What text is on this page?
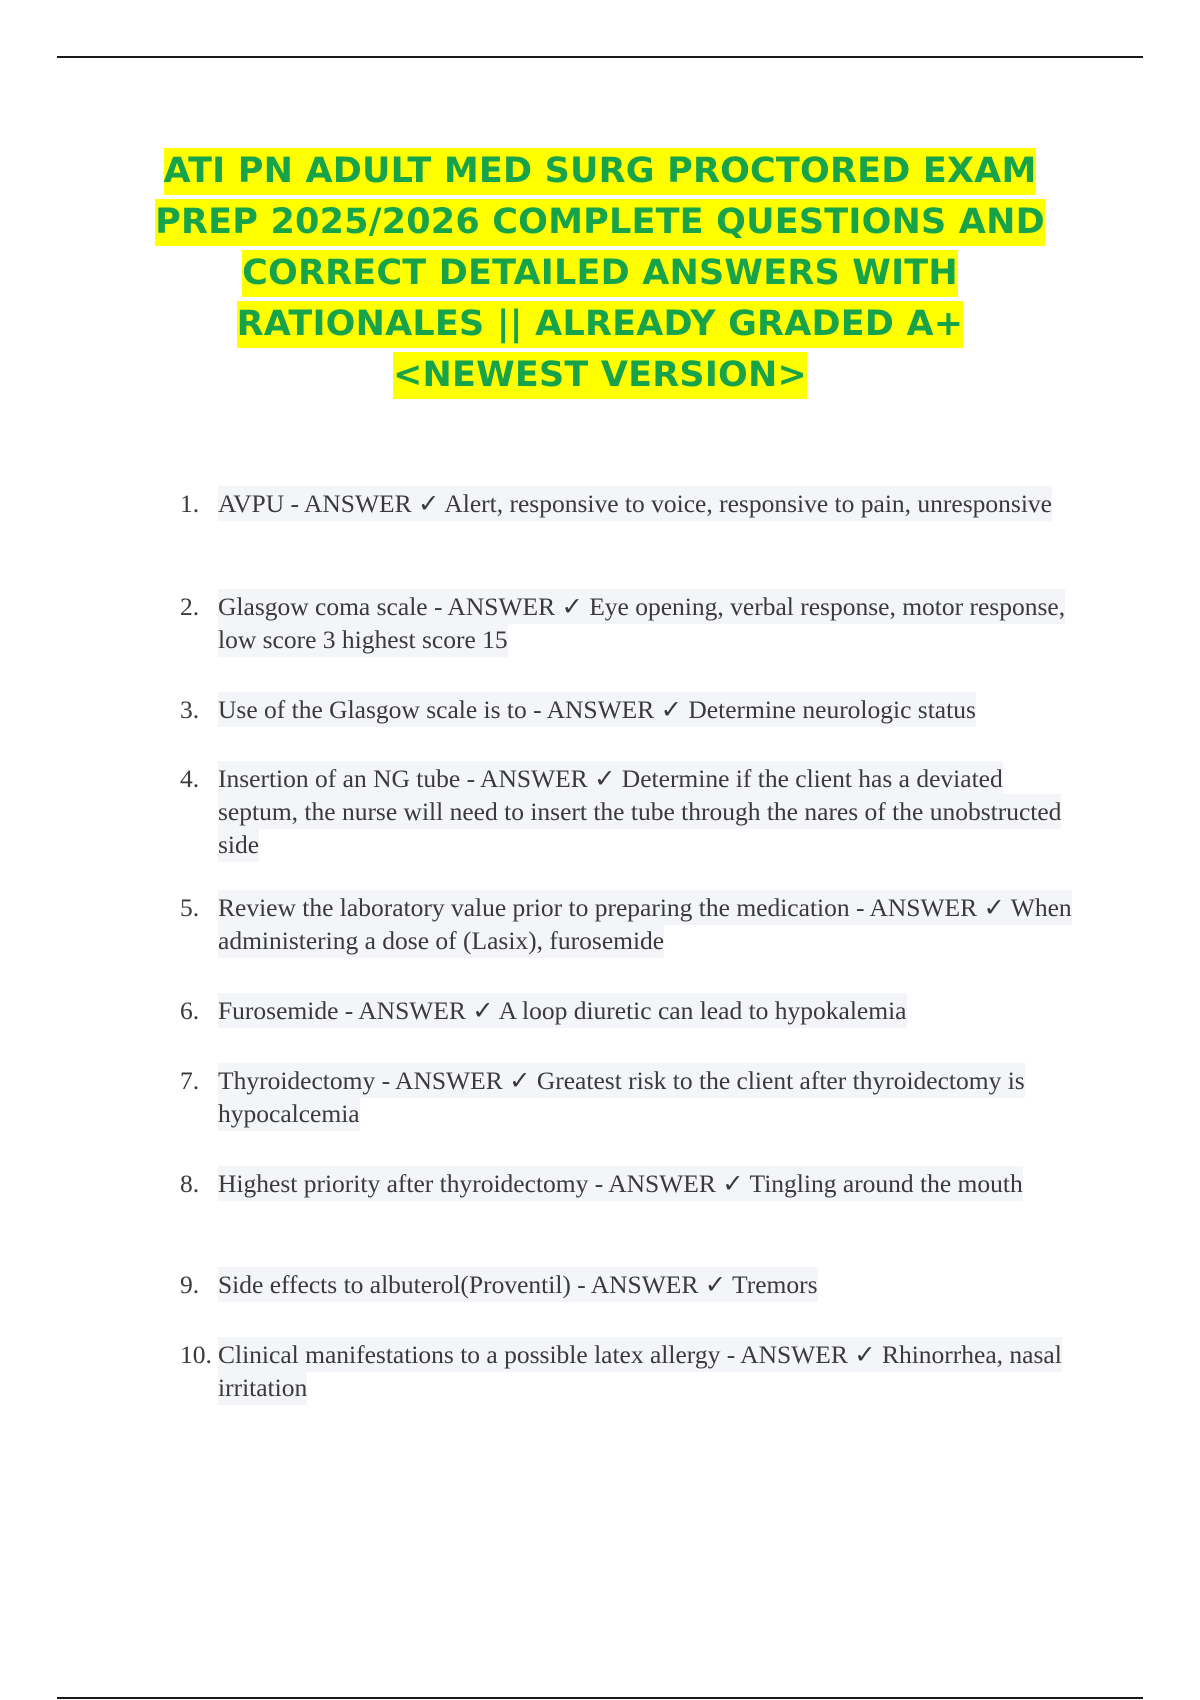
ATI PN ADULT MED SURG PROCTORED EXAM
PREP 2025/2026 COMPLETE QUESTIONS AND
CORRECT DETAILED ANSWERS WITH
RATIONALES || ALREADY GRADED A+
<NEWEST VERSION>
1. AVPU - ANSWER ✓ Alert, responsive to voice, responsive to pain, unresponsive
2. Glasgow coma scale - ANSWER ✓ Eye opening, verbal response, motor response, low score 3 highest score 15
3. Use of the Glasgow scale is to - ANSWER ✓ Determine neurologic status
4. Insertion of an NG tube - ANSWER ✓ Determine if the client has a deviated septum, the nurse will need to insert the tube through the nares of the unobstructed side
5. Review the laboratory value prior to preparing the medication - ANSWER ✓ When administering a dose of (Lasix), furosemide
6. Furosemide - ANSWER ✓ A loop diuretic can lead to hypokalemia
7. Thyroidectomy - ANSWER ✓ Greatest risk to the client after thyroidectomy is hypocalcemia
8. Highest priority after thyroidectomy - ANSWER ✓ Tingling around the mouth
9. Side effects to albuterol(Proventil) - ANSWER ✓ Tremors
10. Clinical manifestations to a possible latex allergy - ANSWER ✓ Rhinorrhea, nasal irritation
